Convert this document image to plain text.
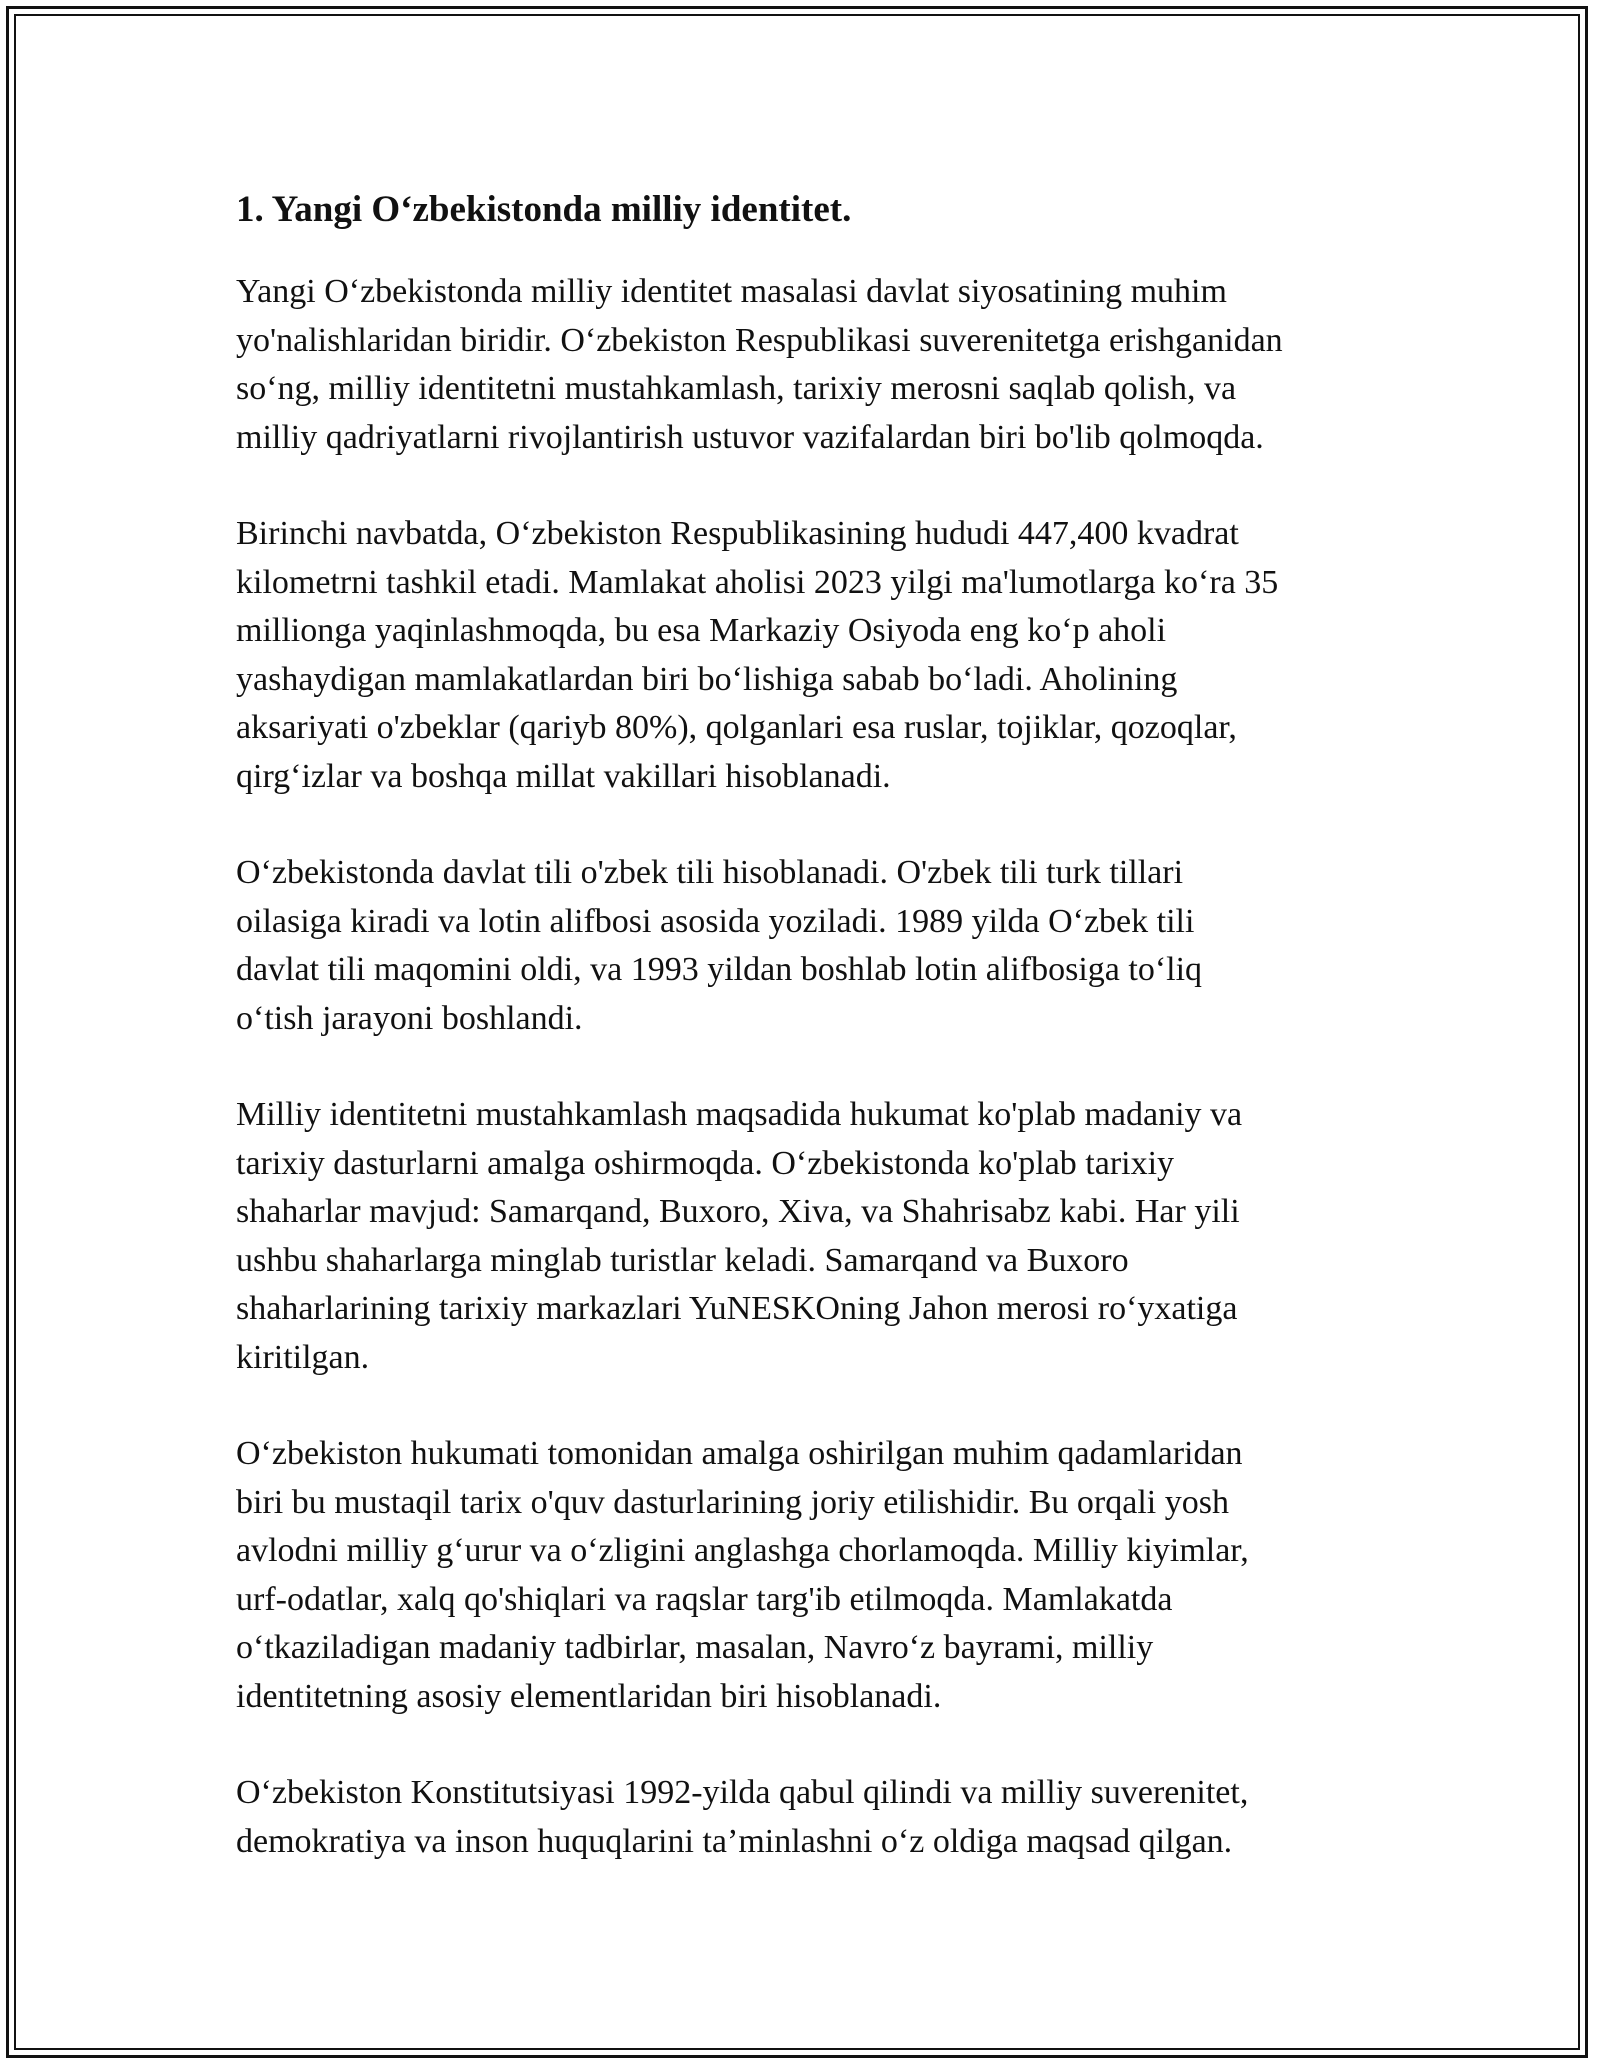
1. Yangi O‘zbekistonda milliy identitet.

Yangi O‘zbekistonda milliy identitet masalasi davlat siyosatining muhim
yo'nalishlaridan biridir. O‘zbekiston Respublikasi suverenitetga erishganidan
so‘ng, milliy identitetni mustahkamlash, tarixiy merosni saqlab qolish, va
milliy qadriyatlarni rivojlantirish ustuvor vazifalardan biri bo'lib qolmoqda.

Birinchi navbatda, O‘zbekiston Respublikasining hududi 447,400 kvadrat
kilometrni tashkil etadi. Mamlakat aholisi 2023 yilgi ma'lumotlarga ko‘ra 35
millionga yaqinlashmoqda, bu esa Markaziy Osiyoda eng ko‘p aholi
yashaydigan mamlakatlardan biri bo‘lishiga sabab bo‘ladi. Aholining
aksariyati o'zbeklar (qariyb 80%), qolganlari esa ruslar, tojiklar, qozoqlar,
qirg‘izlar va boshqa millat vakillari hisoblanadi.

O‘zbekistonda davlat tili o'zbek tili hisoblanadi. O'zbek tili turk tillari
oilasiga kiradi va lotin alifbosi asosida yoziladi. 1989 yilda O‘zbek tili
davlat tili maqomini oldi, va 1993 yildan boshlab lotin alifbosiga to‘liq
o‘tish jarayoni boshlandi.

Milliy identitetni mustahkamlash maqsadida hukumat ko'plab madaniy va
tarixiy dasturlarni amalga oshirmoqda. O‘zbekistonda ko'plab tarixiy
shaharlar mavjud: Samarqand, Buxoro, Xiva, va Shahrisabz kabi. Har yili
ushbu shaharlarga minglab turistlar keladi. Samarqand va Buxoro
shaharlarining tarixiy markazlari YuNESKOning Jahon merosi ro‘yxatiga
kiritilgan.

O‘zbekiston hukumati tomonidan amalga oshirilgan muhim qadamlaridan
biri bu mustaqil tarix o'quv dasturlarining joriy etilishidir. Bu orqali yosh
avlodni milliy g‘urur va o‘zligini anglashga chorlamoqda. Milliy kiyimlar,
urf-odatlar, xalq qo'shiqlari va raqslar targ'ib etilmoqda. Mamlakatda
o‘tkaziladigan madaniy tadbirlar, masalan, Navro‘z bayrami, milliy
identitetning asosiy elementlaridan biri hisoblanadi.

O‘zbekiston Konstitutsiyasi 1992-yilda qabul qilindi va milliy suverenitet,
demokratiya va inson huquqlarini ta’minlashni o‘z oldiga maqsad qilgan.
